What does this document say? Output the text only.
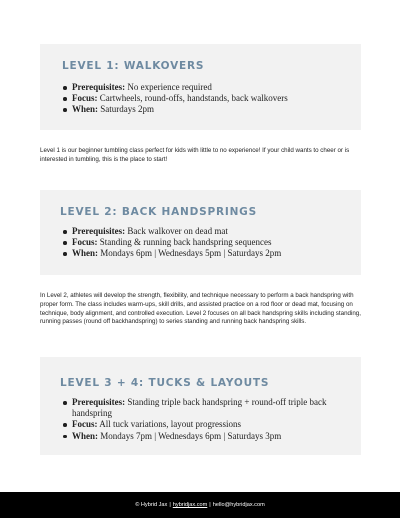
LEVEL 1: WALKOVERS
Prerequisites: No experience required
Focus: Cartwheels, round-offs, handstands, back walkovers
When: Saturdays 2pm
Level 1 is our beginner tumbling class perfect for kids with little to no experience! If your child wants to cheer or is interested in tumbling, this is the place to start!
LEVEL 2: BACK HANDSPRINGS
Prerequisites: Back walkover on dead mat
Focus: Standing & running back handspring sequences
When: Mondays 6pm | Wednesdays 5pm | Saturdays 2pm
In Level 2, athletes will develop the strength, flexibility, and technique necessary to perform a back handspring with proper form. The class includes warm-ups, skill drills, and assisted practice on a rod floor or dead mat, focusing on technique, body alignment, and controlled execution. Level 2 focuses on all back handspring skills including standing, running passes (round off backhandspring) to series standing and running back handspring skills.
LEVEL 3 + 4: TUCKS & LAYOUTS
Prerequisites: Standing triple back handspring + round-off triple back handspring
Focus: All tuck variations, layout progressions
When: Mondays 7pm | Wednesdays 6pm | Saturdays 3pm
© Hybrid Jax | hybridjax.com | hello@hybridjax.com
